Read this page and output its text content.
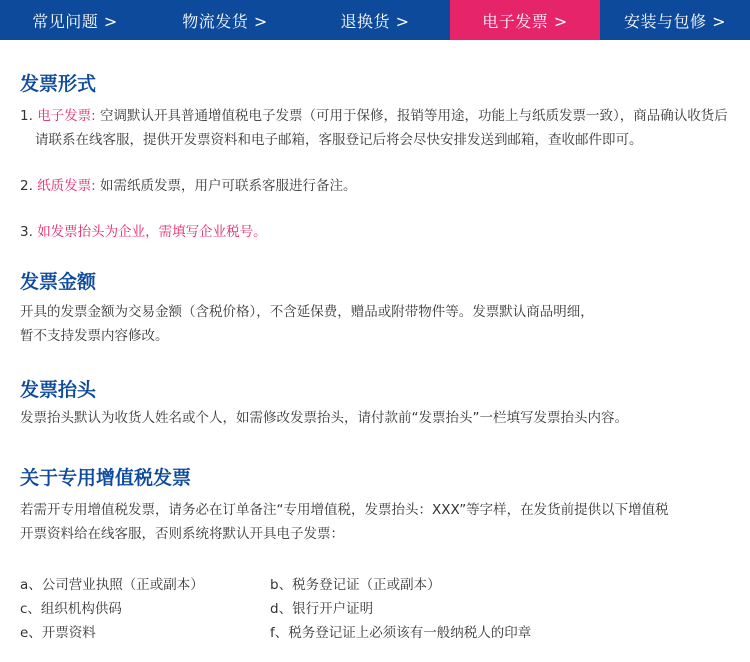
常见问题 >	物流发货 >	退换货 >	电子发票 >	安装与包修 >
发票形式

1. 电子发票: 空调默认开具普通增值税电子发票（可用于保修，报销等用途，功能上与纸质发票一致），商品确认收货后请联系在线客服，提供开发票资料和电子邮箱，客服登记后将会尽快安排发送到邮箱，查收邮件即可。

2. 纸质发票: 如需纸质发票，用户可联系客服进行备注。

3. 如发票抬头为企业，需填写企业税号。

发票金额

开具的发票金额为交易金额（含税价格），不含延保费，赠品或附带物件等。发票默认商品明细，

暂不支持发票内容修改。

发票抬头

发票抬头默认为收货人姓名或个人，如需修改发票抬头，请付款前“发票抬头”一栏填写发票抬头内容。

关于专用增值税发票

若需开专用增值税发票，请务必在订单备注“专用增值税，发票抬头：XXX”等字样，在发货前提供以下增值税

开票资料给在线客服，否则系统将默认开具电子发票：

a、公司营业执照（正或副本）	b、税务登记证（正或副本）
c、组织机构供码	d、银行开户证明
e、开票资料	f、税务登记证上必须该有一般纳税人的印章
